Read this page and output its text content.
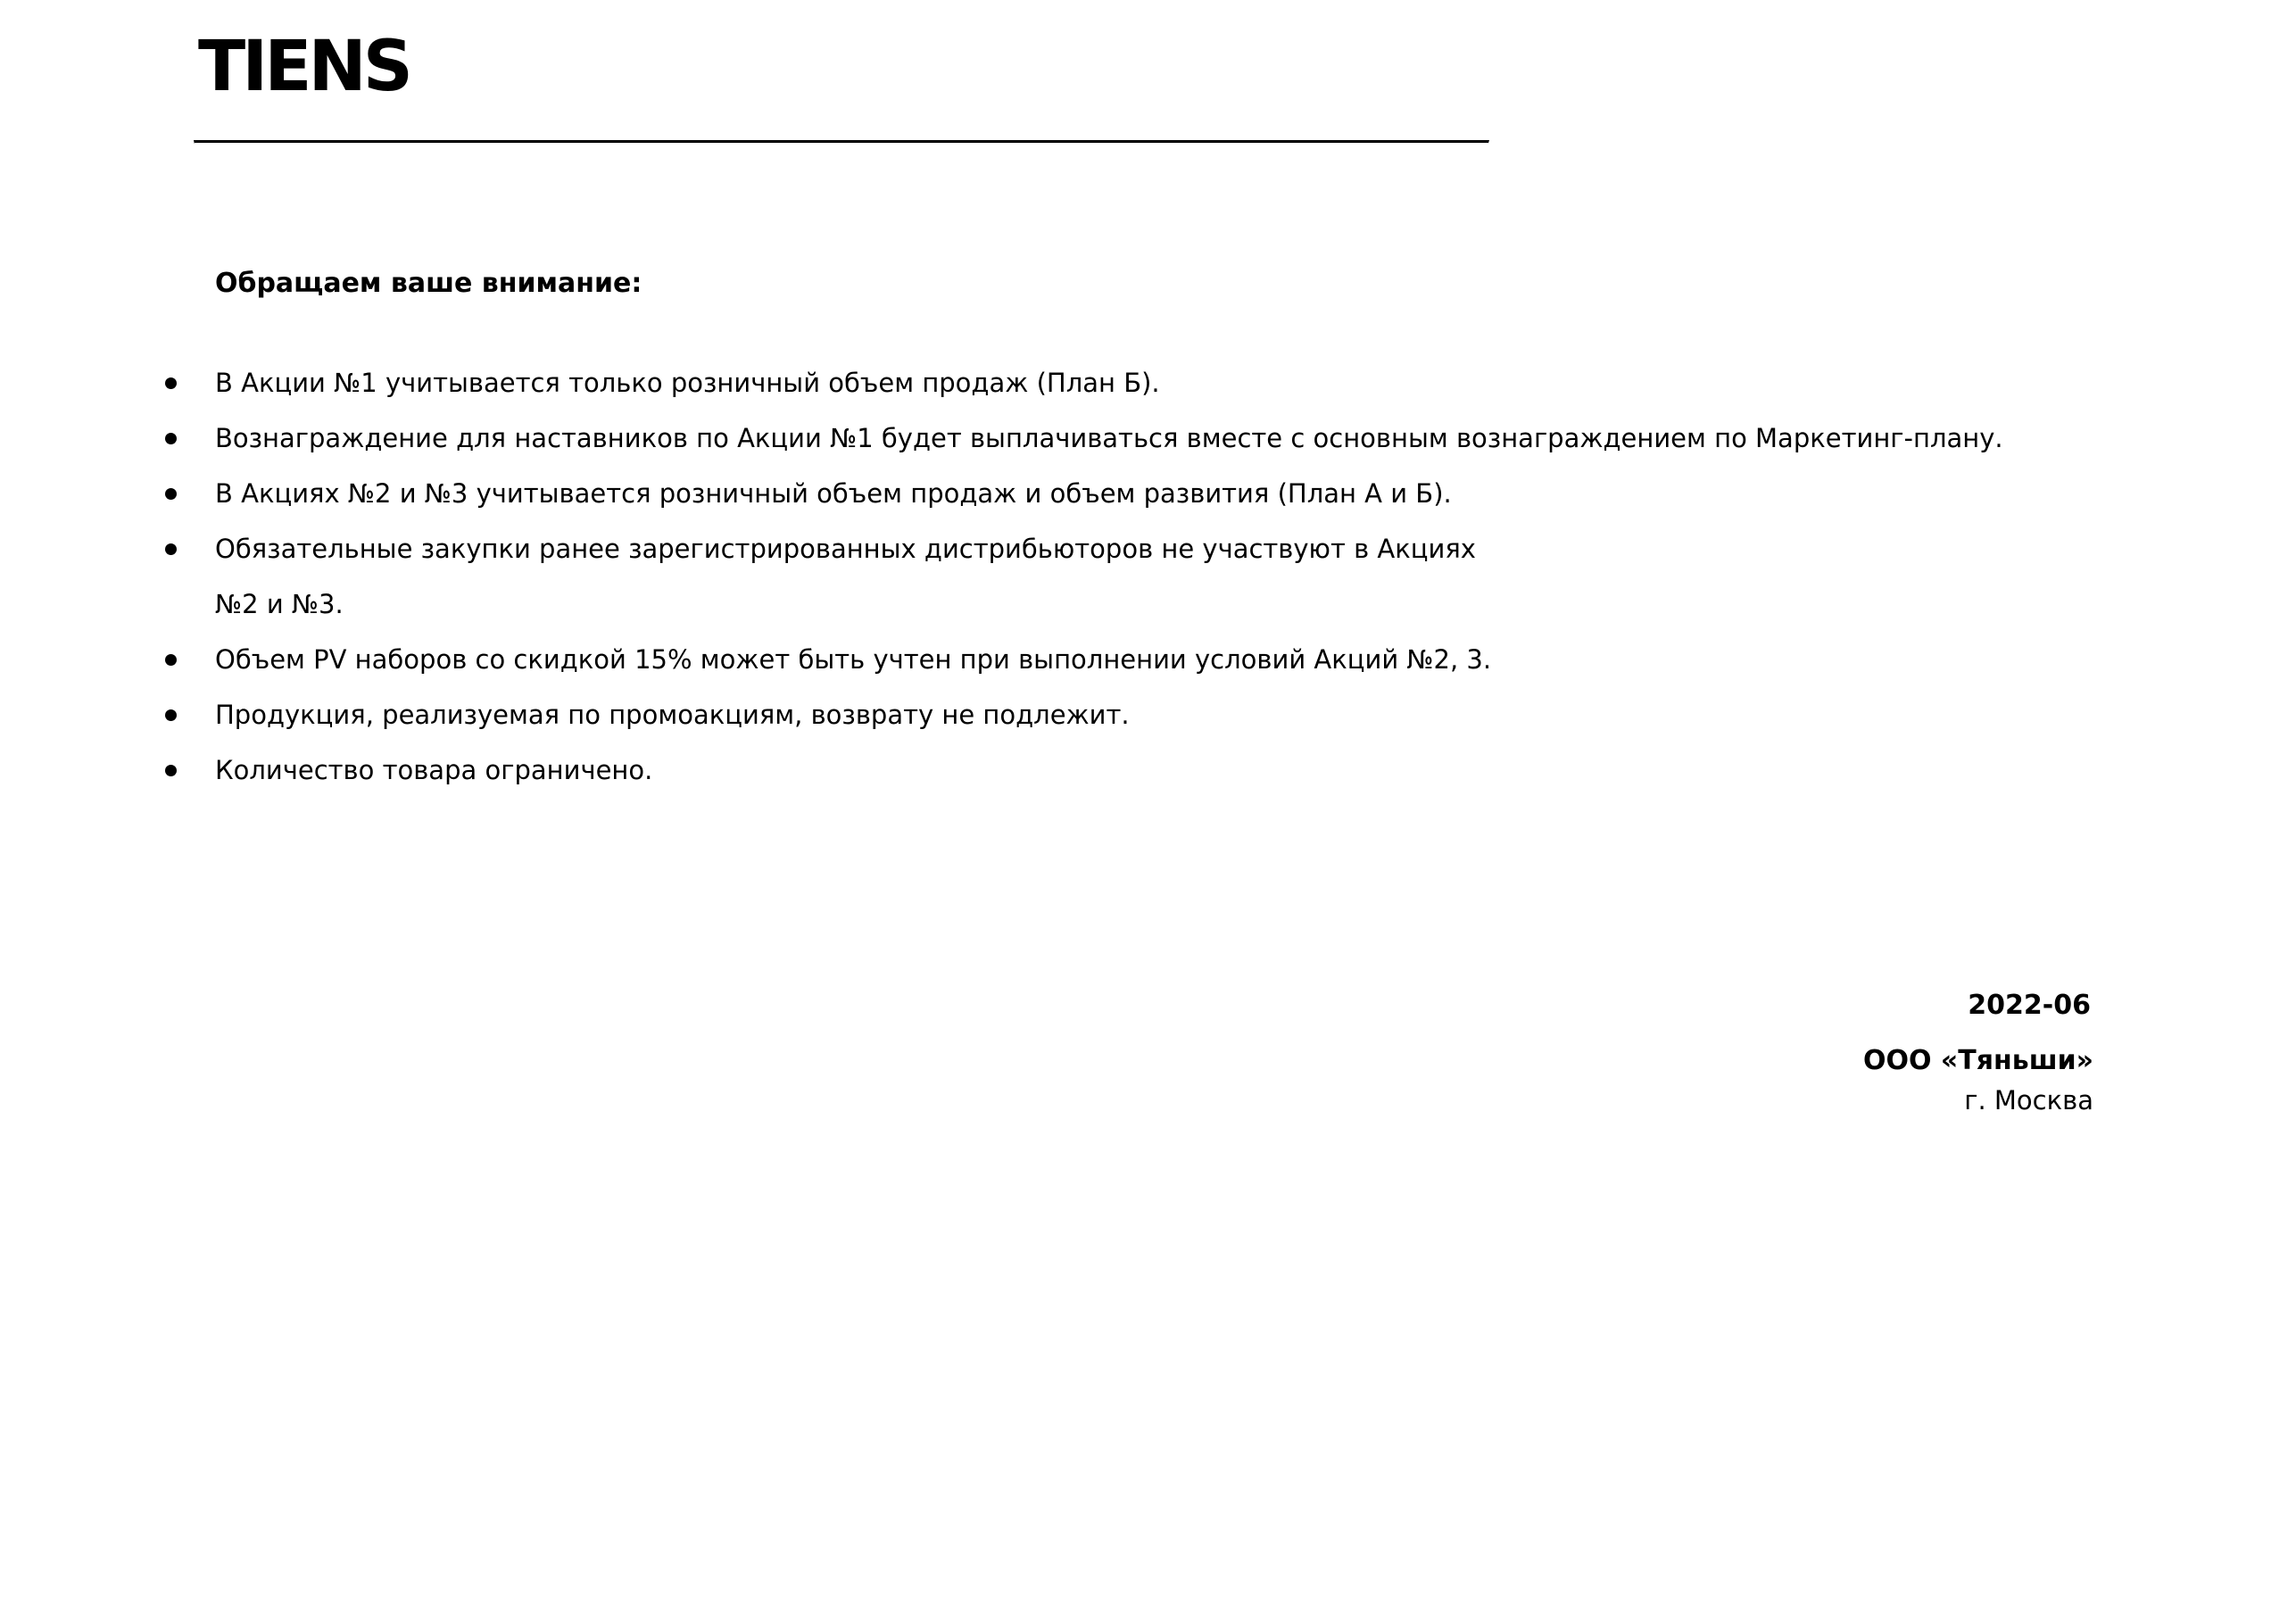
TIENS
Обращаем ваше внимание:
В Акции №1 учитывается только розничный объем продаж (План Б).
Вознаграждение для наставников по Акции №1 будет выплачиваться вместе с основным вознаграждением по Маркетинг-плану.
В Акциях №2 и №3 учитывается розничный объем продаж и объем развития (План А и Б).
Обязательные закупки ранее зарегистрированных дистрибьюторов не участвуют в Акциях
№2 и №3.
Объем PV наборов со скидкой 15% может быть учтен при выполнении условий Акций №2, 3.
Продукция, реализуемая по промоакциям, возврату не подлежит.
Количество товара ограничено.
2022-06
ООО «Тяньши»
г. Москва
